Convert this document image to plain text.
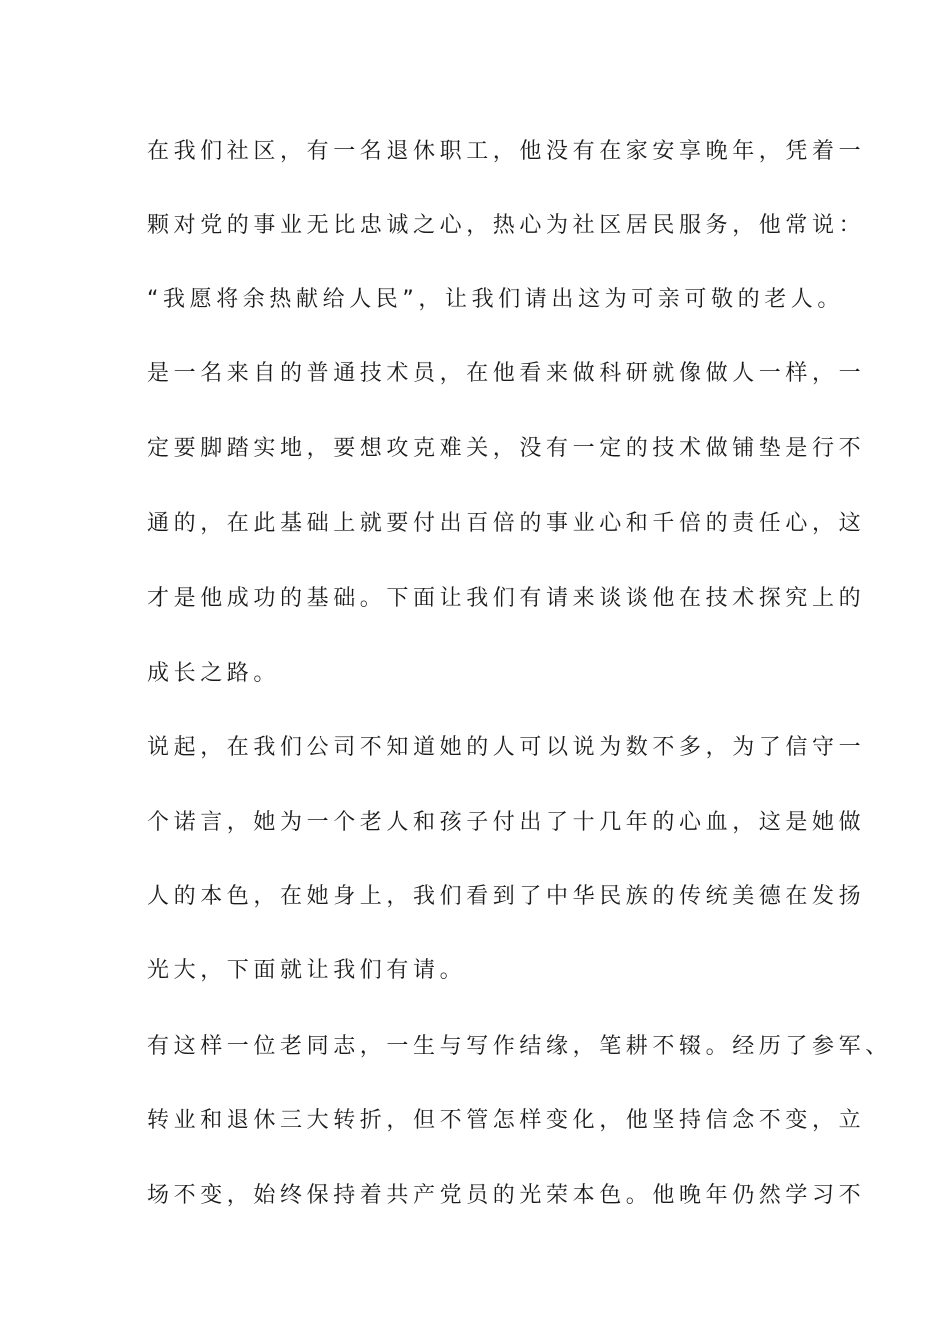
在我们社区，有一名退休职工，他没有在家安享晚年，凭着一

颗对党的事业无比忠诚之心，热心为社区居民服务，他常说：

“我愿将余热献给人民”，让我们请出这为可亲可敬的老人。

是一名来自的普通技术员，在他看来做科研就像做人一样，一

定要脚踏实地，要想攻克难关，没有一定的技术做铺垫是行不

通的，在此基础上就要付出百倍的事业心和千倍的责任心，这

才是他成功的基础。下面让我们有请来谈谈他在技术探究上的

成长之路。

说起，在我们公司不知道她的人可以说为数不多，为了信守一

个诺言，她为一个老人和孩子付出了十几年的心血，这是她做

人的本色，在她身上，我们看到了中华民族的传统美德在发扬

光大，下面就让我们有请。

有这样一位老同志，一生与写作结缘，笔耕不辍。经历了参军、

转业和退休三大转折，但不管怎样变化，他坚持信念不变，立

场不变，始终保持着共产党员的光荣本色。他晚年仍然学习不
